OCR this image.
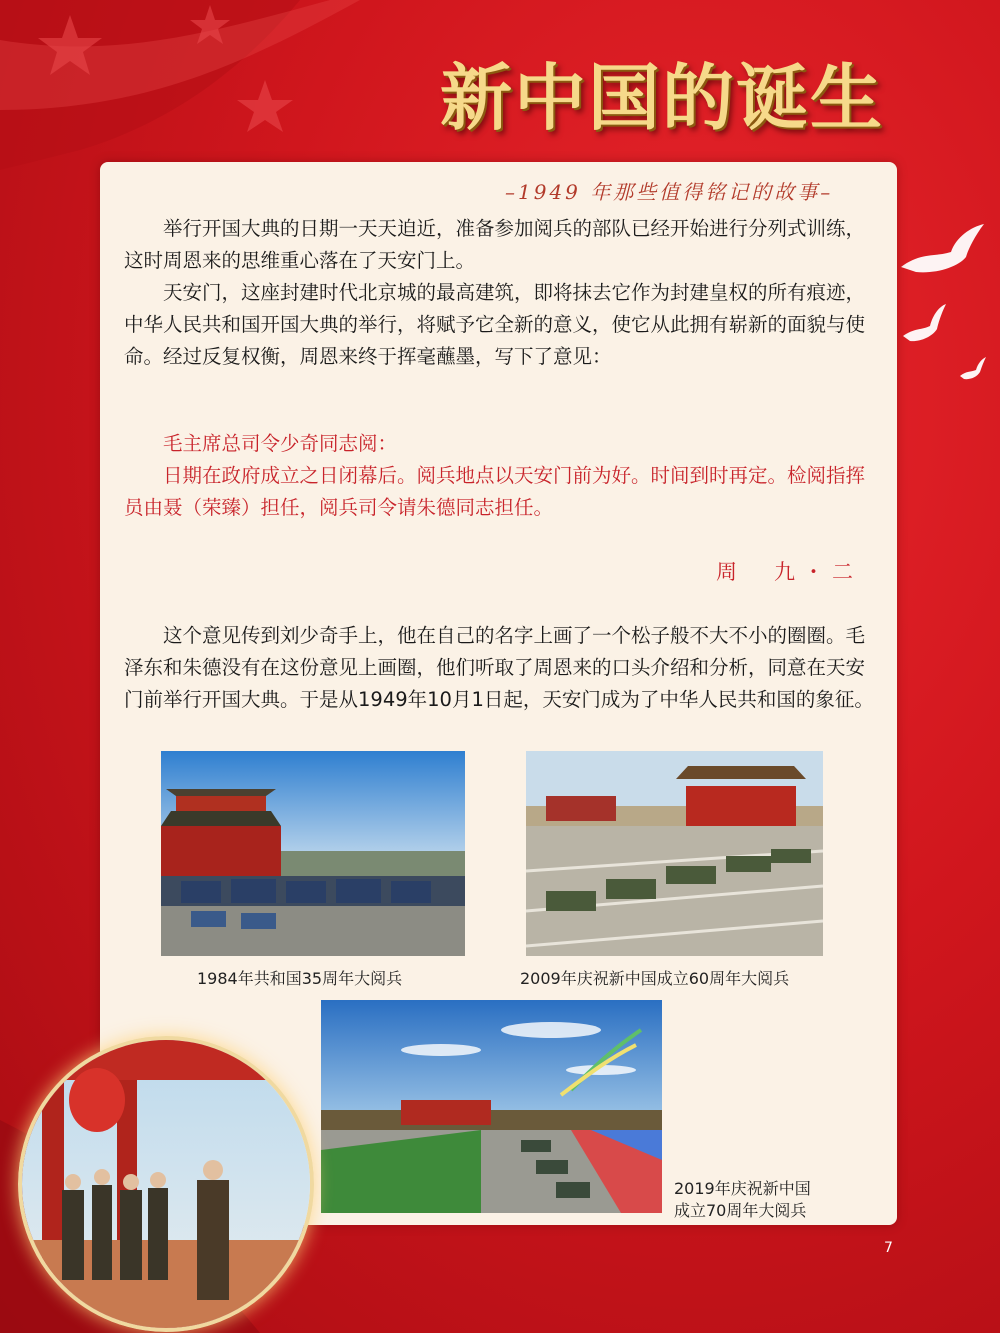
新中国的诞生
–1949 年那些值得铭记的故事–

举行开国大典的日期一天天迫近，准备参加阅兵的部队已经开始进行分列式训练，这时周恩来的思维重心落在了天安门上。

天安门，这座封建时代北京城的最高建筑，即将抹去它作为封建皇权的所有痕迹，中华人民共和国开国大典的举行，将赋予它全新的意义，使它从此拥有崭新的面貌与使命。经过反复权衡，周恩来终于挥毫蘸墨，写下了意见：

毛主席总司令少奇同志阅：

日期在政府成立之日闭幕后。阅兵地点以天安门前为好。时间到时再定。检阅指挥员由聂（荣臻）担任，阅兵司令请朱德同志担任。

周　九・二

这个意见传到刘少奇手上，他在自己的名字上画了一个松子般不大不小的圈圈。毛泽东和朱德没有在这份意见上画圈，他们听取了周恩来的口头介绍和分析，同意在天安门前举行开国大典。于是从1949年10月1日起，天安门成为了中华人民共和国的象征。

1984年共和国35周年大阅兵	2009年庆祝新中国成立60周年大阅兵

2019年庆祝新中国

成立70周年大阅兵

7
